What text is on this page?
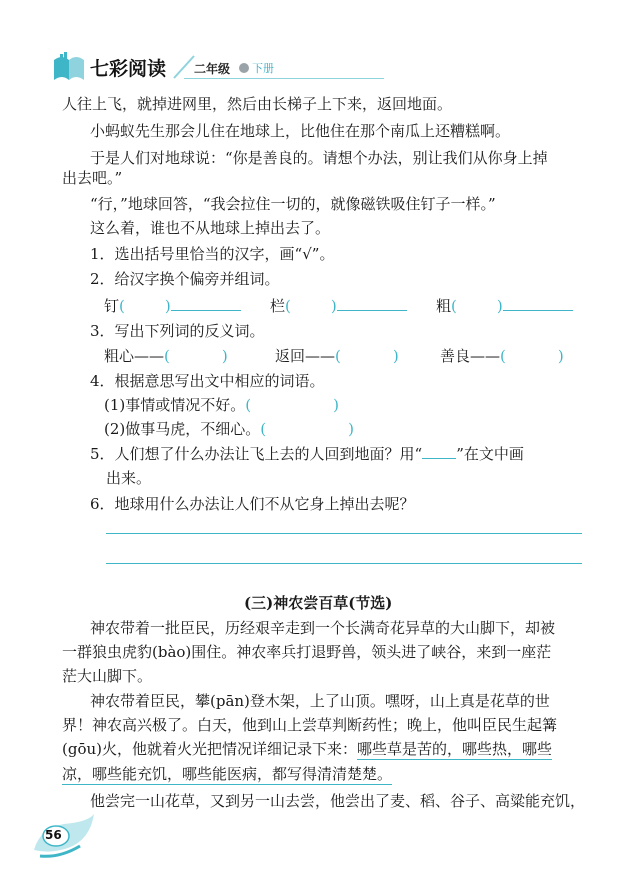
七彩阅读 二年级 下册
人往上飞，就掉进网里，然后由长梯子上下来，返回地面。
小蚂蚁先生那会儿住在地球上，比他住在那个南瓜上还糟糕啊。
于是人们对地球说：“你是善良的。请想个办法，别让我们从你身上掉
出去吧。”
“行，”地球回答，“我会拉住一切的，就像磁铁吸住钉子一样。”
这么着，谁也不从地球上掉出去了。
1．选出括号里恰当的汉字，画“√”。
2．给汉字换个偏旁并组词。
钉(	)	栏(	)	粗(	)
3．写出下列词的反义词。
粗心——(	)	返回——(	)	善良——(	)
4．根据意思写出文中相应的词语。
(1)事情或情况不好。(	)
(2)做事马虎，不细心。(	)
5．人们想了什么办法让飞上去的人回到地面？用“ ”在文中画
出来。
6．地球用什么办法让人们不从它身上掉出去呢？
(三)神农尝百草(节选)
神农带着一批臣民，历经艰辛走到一个长满奇花异草的大山脚下，却被
一群狼虫虎豹(bào)围住。神农率兵打退野兽，领头进了峡谷，来到一座茫
茫大山脚下。
神农带着臣民，攀(pān)登木架，上了山顶。嘿呀，山上真是花草的世
界！神农高兴极了。白天，他到山上尝草判断药性；晚上，他叫臣民生起篝
(gōu)火，他就着火光把情况详细记录下来：哪些草是苦的，哪些热，哪些
凉，哪些能充饥，哪些能医病，都写得清清楚楚。
他尝完一山花草，又到另一山去尝，他尝出了麦、稻、谷子、高粱能充饥，
56
